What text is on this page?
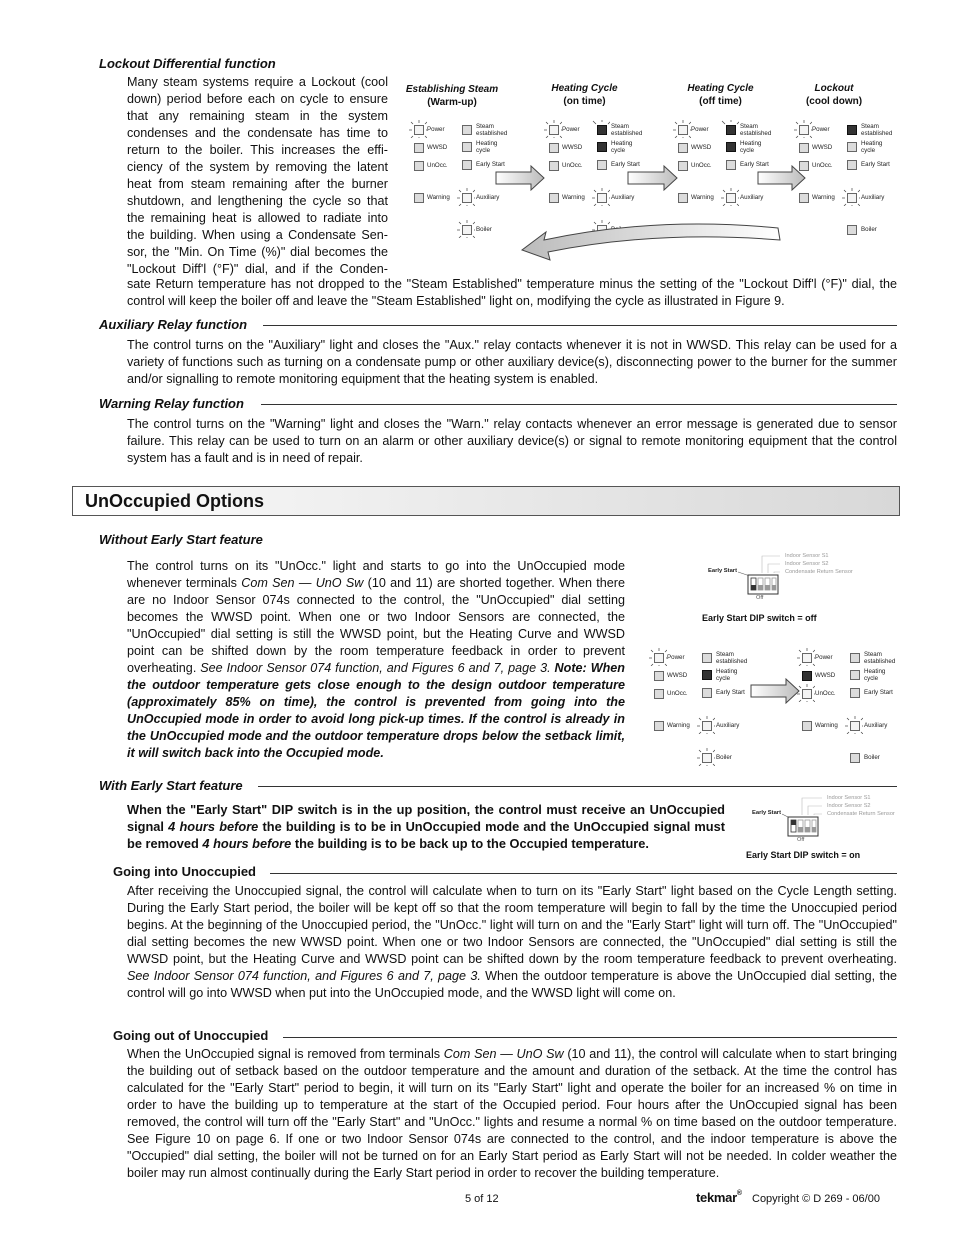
Lockout Differential function

Many steam systems require a Lockout (cool
down) period before each on cycle to ensure
that any remaining steam in the system
condenses and the condensate has time to
return to the boiler. This increases the effi-
ciency of the system by removing the latent
heat from steam remaining after the burner
shutdown, and lengthening the cycle so that
the remaining heat is allowed to radiate into
the building. When using a Condensate Sen-
sor, the "Min. On Time (%)" dial becomes the
"Lockout Diff'l (°F)" dial, and if the Conden-

sate Return temperature has not dropped to the "Steam Established" temperature minus the setting of the "Lockout Diff'l (°F)" dial, the control will keep the boiler off and leave the "Steam Established" light on, modifying the cycle as illustrated in Figure 9.
Establishing Steam
(Warm-up)
Heating Cycle
(on time)
Heating Cycle
(off time)
Lockout
(cool down)
Power
WWSD
UnOcc.
Warning
Steam
established
Heating
cycle
Early Start
Auxiliary
Boiler
Power
WWSD
UnOcc.
Warning
Steam
established
Heating
cycle
Early Start
Auxiliary
Power
WWSD
UnOcc.
Warning
Steam
established
Heating
cycle
Early Start
Auxiliary
Power
WWSD
UnOcc.
Warning
Steam
established
Heating
cycle
Early Start
Auxiliary
Boiler
Auxiliary Relay function
The control turns on the "Auxiliary" light and closes the "Aux." relay contacts whenever it is not in WWSD. This relay can be used for a variety of functions such as turning on a condensate pump or other auxiliary device(s), disconnecting power to the burner for the summer and/or signalling to remote monitoring equipment that the heating system is enabled.
Warning Relay function
The control turns on the "Warning" light and closes the "Warn." relay contacts whenever an error message is generated due to sensor failure. This relay can be used to turn on an alarm or other auxiliary device(s) or signal to remote monitoring equipment that the control system has a fault and is in need of repair.
UnOccupied Options
Without Early Start feature
The control turns on its "UnOcc." light and starts to go into the UnOccupied mode whenever terminals Com Sen — UnO Sw (10 and 11) are shorted together. When there are no Indoor Sensor 074s connected to the control, the "UnOccupied" dial setting becomes the WWSD point. When one or two Indoor Sensors are connected, the "UnOccupied" dial setting is still the WWSD point, but the Heating Curve and WWSD point can be shifted down by the room temperature feedback in order to prevent overheating. See Indoor Sensor 074 function, and Figures 6 and 7, page 3. Note: When the outdoor temperature gets close enough to the design outdoor temperature (approximately 85% on time), the control is prevented from going into the UnOccupied mode in order to avoid long pick-up times. If the control is already in the UnOccupied mode and the outdoor temperature drops below the setback limit, it will switch back into the Occupied mode.
Early Start
Indoor Sensor S1
Indoor Sensor S2
Condensate Return Sensor
Off
Early Start DIP switch = off
Power
WWSD
UnOcc.
Warning
Steam
established
Heating
cycle
Early Start
Auxiliary
Boiler
Power
WWSD
UnOcc.
Warning
Steam
established
Heating
cycle
Early Start
Auxiliary
Boiler
With Early Start feature
When the "Early Start" DIP switch is in the up position, the control must receive an UnOccupied signal 4 hours before the building is to be in UnOccupied mode and the UnOccupied signal must be removed 4 hours before the building is to be back up to the Occupied temperature.
Early Start
Indoor Sensor S1
Indoor Sensor S2
Condensate Return Sensor
Off
Early Start DIP switch = on
Going into Unoccupied
After receiving the Unoccupied signal, the control will calculate when to turn on its "Early Start" light based on the Cycle Length setting. During the Early Start period, the boiler will be kept off so that the room temperature will begin to fall by the time the Unoccupied period begins. At the beginning of the Unoccupied period, the "UnOcc." light will turn on and the "Early Start" light will turn off. The "UnOccupied" dial setting becomes the new WWSD point. When one or two Indoor Sensors are connected, the "UnOccupied" dial setting is still the WWSD point, but the Heating Curve and WWSD point can be shifted down by the room temperature feedback to prevent overheating. See Indoor Sensor 074 function, and Figures 6 and 7, page 3. When the outdoor temperature is above the UnOccupied dial setting, the control will go into WWSD when put into the UnOccupied mode, and the WWSD light will come on.
Going out of Unoccupied
When the UnOccupied signal is removed from terminals Com Sen — UnO Sw (10 and 11), the control will calculate when to start bringing the building out of setback based on the outdoor temperature and the amount and duration of the setback. At the time the control has calculated for the "Early Start" period to begin, it will turn on its "Early Start" light and operate the boiler for an increased % on time in order to have the building up to temperature at the start of the Occupied period. Four hours after the UnOccupied signal has been removed, the control will turn off the "Early Start" and "UnOcc." lights and resume a normal % on time based on the outdoor temperature. See Figure 10 on page 6. If one or two Indoor Sensor 074s are connected to the control, and the indoor temperature is above the "Occupied" dial setting, the boiler will not be turned on for an Early Start period as Early Start will not be needed. In colder weather the boiler may run almost continually during the Early Start period in order to recover the building temperature.
5 of 12	tekmar® Copyright © D 269 - 06/00
